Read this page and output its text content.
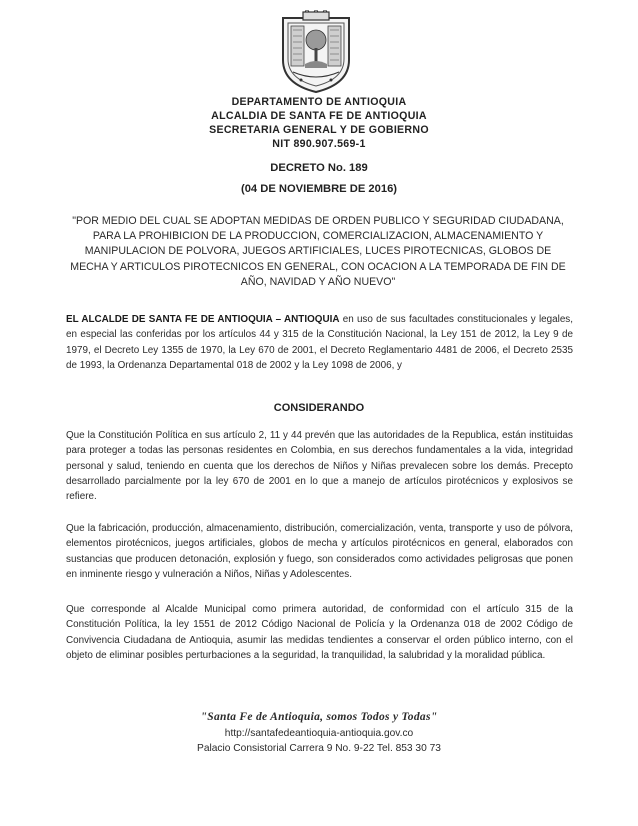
DEPARTAMENTO DE ANTIOQUIA
ALCALDIA DE SANTA FE DE ANTIOQUIA
SECRETARIA GENERAL Y DE GOBIERNO
NIT 890.907.569-1
DECRETO No. 189
(04 DE NOVIEMBRE DE 2016)
"POR MEDIO DEL CUAL SE ADOPTAN MEDIDAS DE ORDEN PUBLICO Y SEGURIDAD CIUDADANA, PARA LA PROHIBICION DE LA PRODUCCION, COMERCIALIZACION, ALMACENAMIENTO Y MANIPULACION DE POLVORA, JUEGOS ARTIFICIALES, LUCES PIROTECNICAS, GLOBOS DE MECHA Y ARTICULOS PIROTECNICOS EN GENERAL, CON OCACION A LA TEMPORADA DE FIN DE AÑO, NAVIDAD Y AÑO NUEVO"
EL ALCALDE DE SANTA FE DE ANTIOQUIA – ANTIOQUIA en uso de sus facultades constitucionales y legales, en especial las conferidas por los artículos 44 y 315 de la Constitución Nacional, la Ley 151 de 2012, la Ley 9 de 1979, el Decreto Ley 1355 de 1970, la Ley 670 de 2001, el Decreto Reglamentario 4481 de 2006, el Decreto 2535 de 1993, la Ordenanza Departamental 018 de 2002 y la Ley 1098 de 2006, y
CONSIDERANDO
Que la Constitución Política en sus artículo 2, 11 y 44 prevén que las autoridades de la Republica, están instituidas para proteger a todas las personas residentes en Colombia, en sus derechos fundamentales a la vida, integridad personal y salud, teniendo en cuenta que los derechos de Niños y Niñas prevalecen sobre los demás. Precepto desarrollado parcialmente por la ley 670 de 2001 en lo que a manejo de artículos pirotécnicos y explosivos se refiere.
Que la fabricación, producción, almacenamiento, distribución, comercialización, venta, transporte y uso de pólvora, elementos pirotécnicos, juegos artificiales, globos de mecha y artículos pirotécnicos en general, elaborados con sustancias que producen detonación, explosión y fuego, son considerados como actividades peligrosas que ponen en inminente riesgo y vulneración a Niños, Niñas y Adolescentes.
Que corresponde al Alcalde Municipal como primera autoridad, de conformidad con el artículo 315 de la Constitución Política, la ley 1551 de 2012 Código Nacional de Policía y la Ordenanza 018 de 2002 Código de Convivencia Ciudadana de Antioquia, asumir las medidas tendientes a conservar el orden público interno, con el objeto de eliminar posibles perturbaciones a la seguridad, la tranquilidad, la salubridad y la moralidad pública.
"Santa Fe de Antioquia, somos Todos y Todas"
http://santafedeantioquia-antioquia.gov.co
Palacio Consistorial Carrera 9 No. 9-22 Tel. 853 30 73
